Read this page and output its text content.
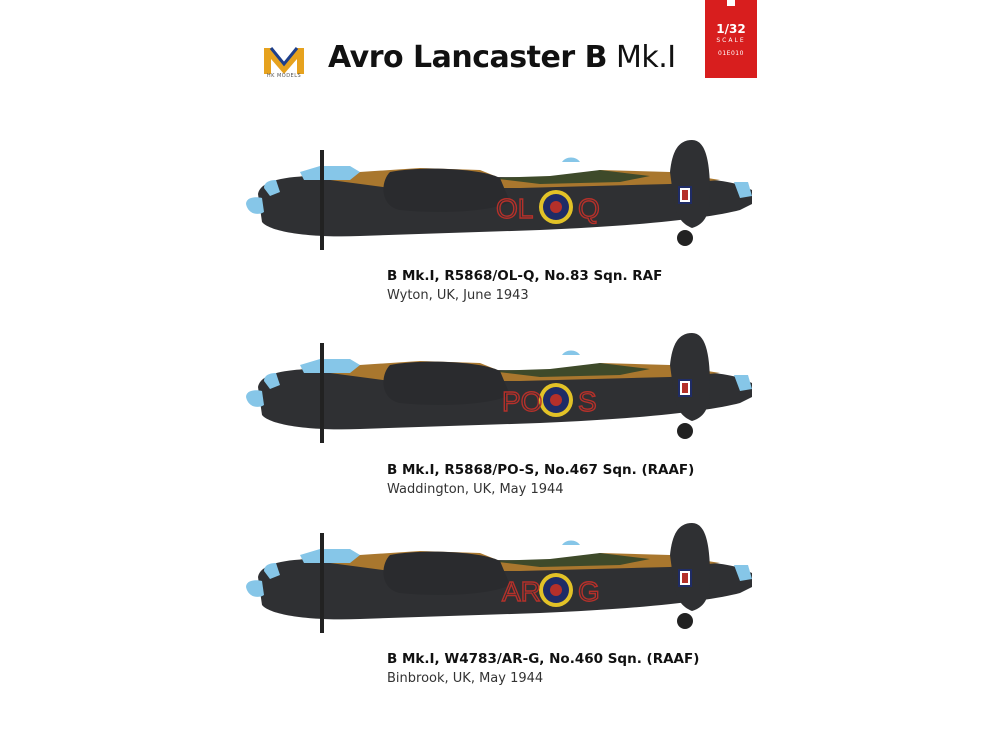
HK MODELS
Avro Lancaster B Mk.I
1/32
SCALE
01E010
OL Q
B Mk.I, R5868/OL-Q, No.83 Sqn. RAF
Wyton, UK, June 1943
PO S
B Mk.I, R5868/PO-S, No.467 Sqn. (RAAF)
Waddington, UK, May 1944
AR G
B Mk.I, W4783/AR-G, No.460 Sqn. (RAAF)
Binbrook, UK, May 1944
